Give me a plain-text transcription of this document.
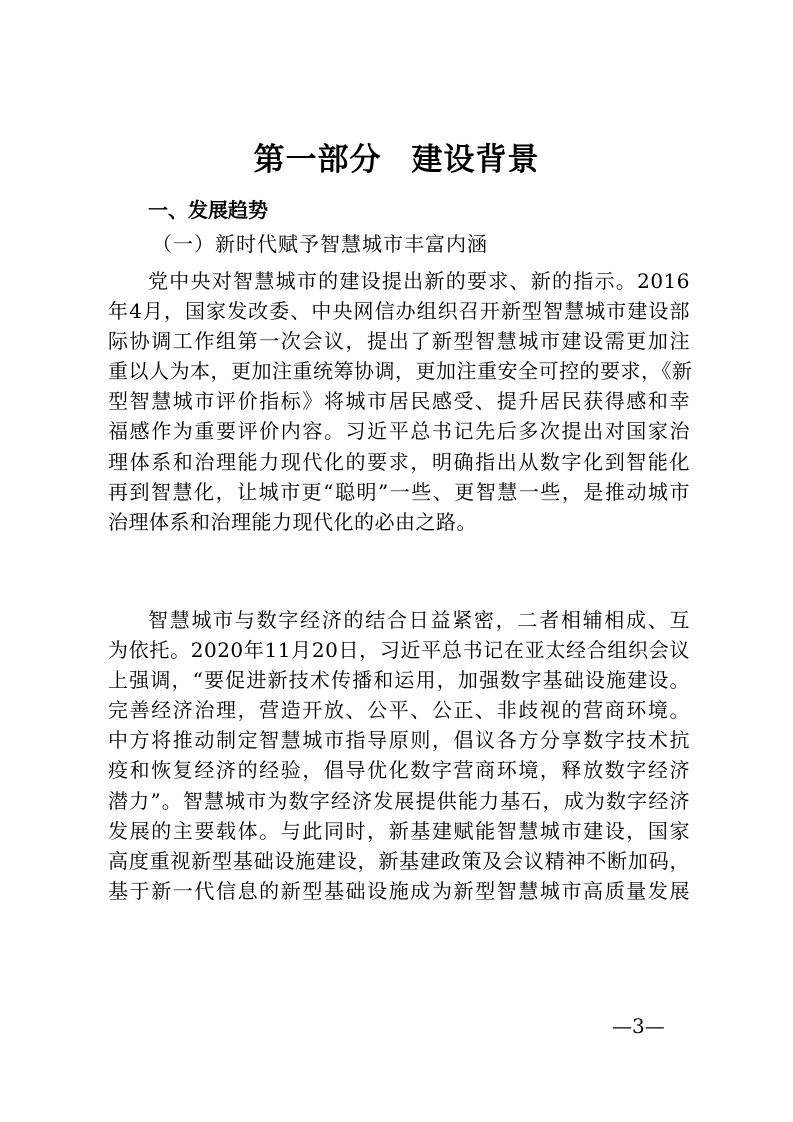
第一部分 建设背景
一、发展趋势
（一）新时代赋予智慧城市丰富内涵
党中央对智慧城市的建设提出新的要求、新的指示。2016
年4月，国家发改委、中央网信办组织召开新型智慧城市建设部
际协调工作组第一次会议，提出了新型智慧城市建设需更加注
重以人为本，更加注重统筹协调，更加注重安全可控的要求，《新
型智慧城市评价指标》将城市居民感受、提升居民获得感和幸
福感作为重要评价内容。习近平总书记先后多次提出对国家治
理体系和治理能力现代化的要求，明确指出从数字化到智能化
再到智慧化，让城市更“聪明”一些、更智慧一些，是推动城市
治理体系和治理能力现代化的必由之路。
智慧城市与数字经济的结合日益紧密，二者相辅相成、互
为依托。2020年11月20日，习近平总书记在亚太经合组织会议
上强调，“要促进新技术传播和运用，加强数字基础设施建设。
完善经济治理，营造开放、公平、公正、非歧视的营商环境。
中方将推动制定智慧城市指导原则，倡议各方分享数字技术抗
疫和恢复经济的经验，倡导优化数字营商环境，释放数字经济
潜力”。智慧城市为数字经济发展提供能力基石，成为数字经济
发展的主要载体。与此同时，新基建赋能智慧城市建设，国家
高度重视新型基础设施建设，新基建政策及会议精神不断加码，
基于新一代信息的新型基础设施成为新型智慧城市高质量发展
—3—
